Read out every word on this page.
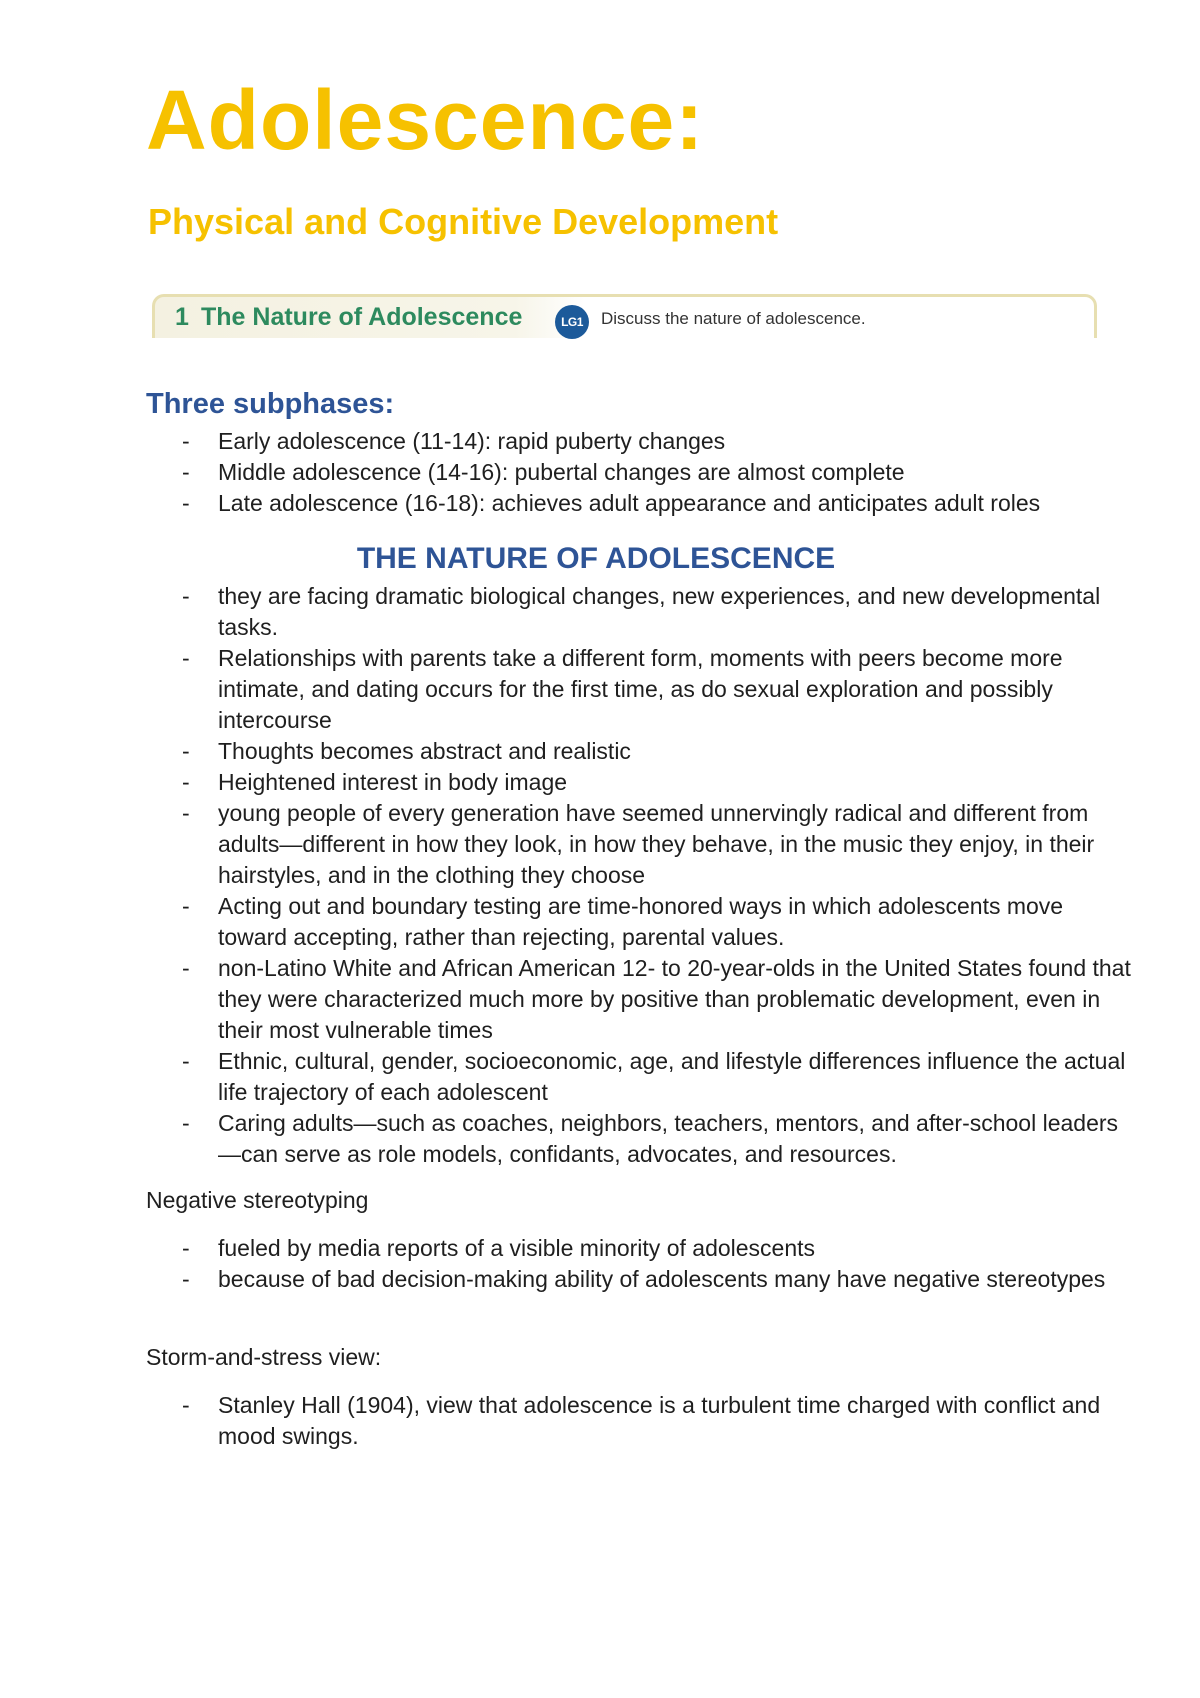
Adolescence:
Physical and Cognitive Development
1 The Nature of Adolescence	LG1	Discuss the nature of adolescence.
Three subphases:
- Early adolescence (11-14): rapid puberty changes
- Middle adolescence (14-16): pubertal changes are almost complete
- Late adolescence (16-18): achieves adult appearance and anticipates adult roles
THE NATURE OF ADOLESCENCE
- they are facing dramatic biological changes, new experiences, and new developmental tasks.
- Relationships with parents take a different form, moments with peers become more intimate, and dating occurs for the first time, as do sexual exploration and possibly intercourse
- Thoughts becomes abstract and realistic
- Heightened interest in body image
- young people of every generation have seemed unnervingly radical and different from adults—different in how they look, in how they behave, in the music they enjoy, in their hairstyles, and in the clothing they choose
- Acting out and boundary testing are time-honored ways in which adolescents move toward accepting, rather than rejecting, parental values.
- non-Latino White and African American 12- to 20-year-olds in the United States found that they were characterized much more by positive than problematic development, even in their most vulnerable times
- Ethnic, cultural, gender, socioeconomic, age, and lifestyle differences influence the actual life trajectory of each adolescent
- Caring adults—such as coaches, neighbors, teachers, mentors, and after-school leaders—can serve as role models, confidants, advocates, and resources.

Negative stereotyping

- fueled by media reports of a visible minority of adolescents
- because of bad decision-making ability of adolescents many have negative stereotypes

Storm-and-stress view:

- Stanley Hall (1904), view that adolescence is a turbulent time charged with conflict and mood swings.
